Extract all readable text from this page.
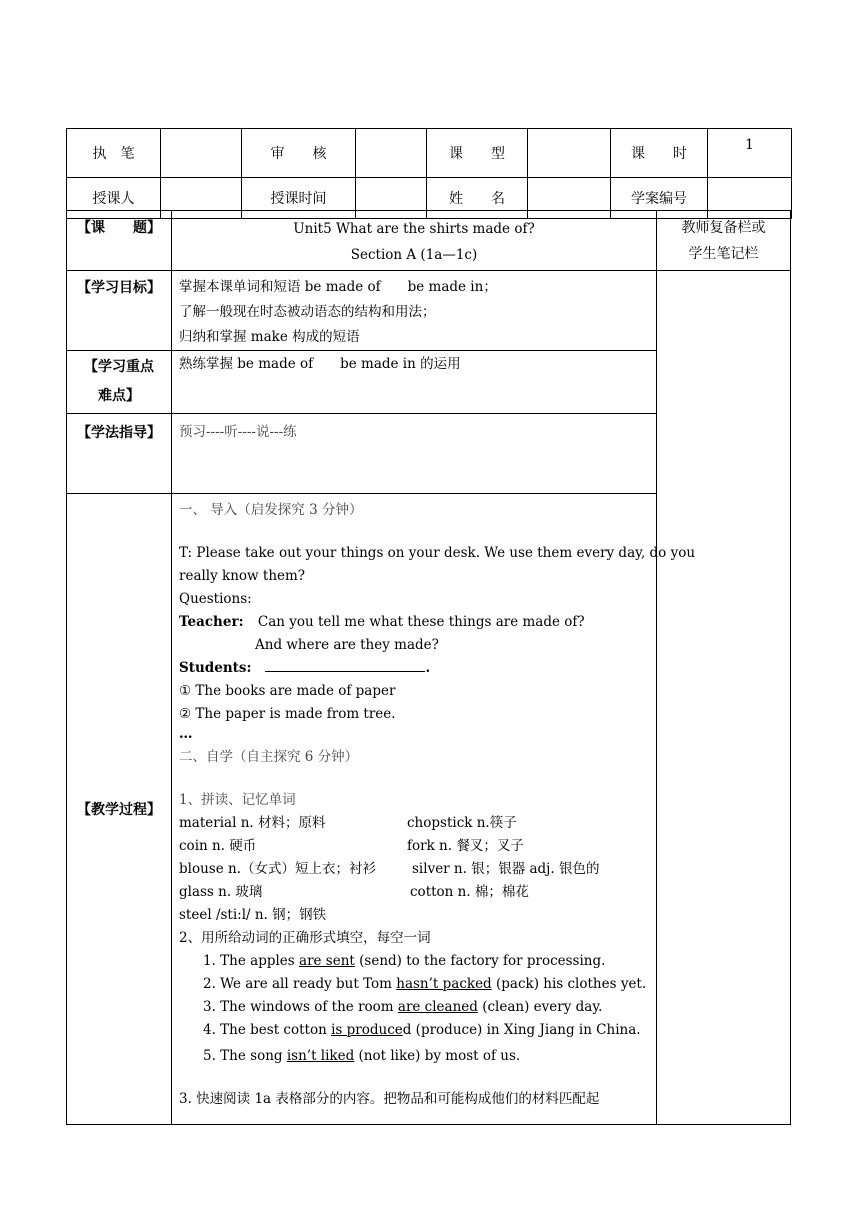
执　笔		审　　核		课　　型		课　　时	1
授课人		授课时间		姓　　名		学案编号	
【课　　题】	Unit5 What are the shirts made of?
Section A (1a—1c)
教师复备栏或
学生笔记栏
【学习目标】 掌握本课单词和短语 be made of　　be made in；
了解一般现在时态被动语态的结构和用法；
归纳和掌握 make 构成的短语
【学习重点
难点】
熟练掌握 be made of　　be made in 的运用
【学法指导】 预习----听----说---练
【教学过程】
一、 导入（启发探究 3 分钟）
T: Please take out your things on your desk. We use them every day, do you
really know them?
Questions:
Teacher: Can you tell me what these things are made of?
And where are they made?
Students:	.
① The books are made of paper
② The paper is made from tree.
…
二、自学（自主探究 6 分钟）
1、拼读、记忆单词
material n. 材料；原料	chopstick n.筷子
coin n. 硬币	fork n. 餐叉；叉子
blouse n.（女式）短上衣；衬衫	silver n. 银；银器 adj. 银色的
glass n. 玻璃	cotton n. 棉；棉花
steel /sti:l/ n. 钢；钢铁
2、用所给动词的正确形式填空，每空一词
1. The apples are sent (send) to the factory for processing.
2. We are all ready but Tom hasn’t packed (pack) his clothes yet.
3. The windows of the room are cleaned (clean) every day.
4. The best cotton is produced (produce) in Xing Jiang in China.
5. The song isn’t liked (not like) by most of us.
3. 快速阅读 1a 表格部分的内容。把物品和可能构成他们的材料匹配起
